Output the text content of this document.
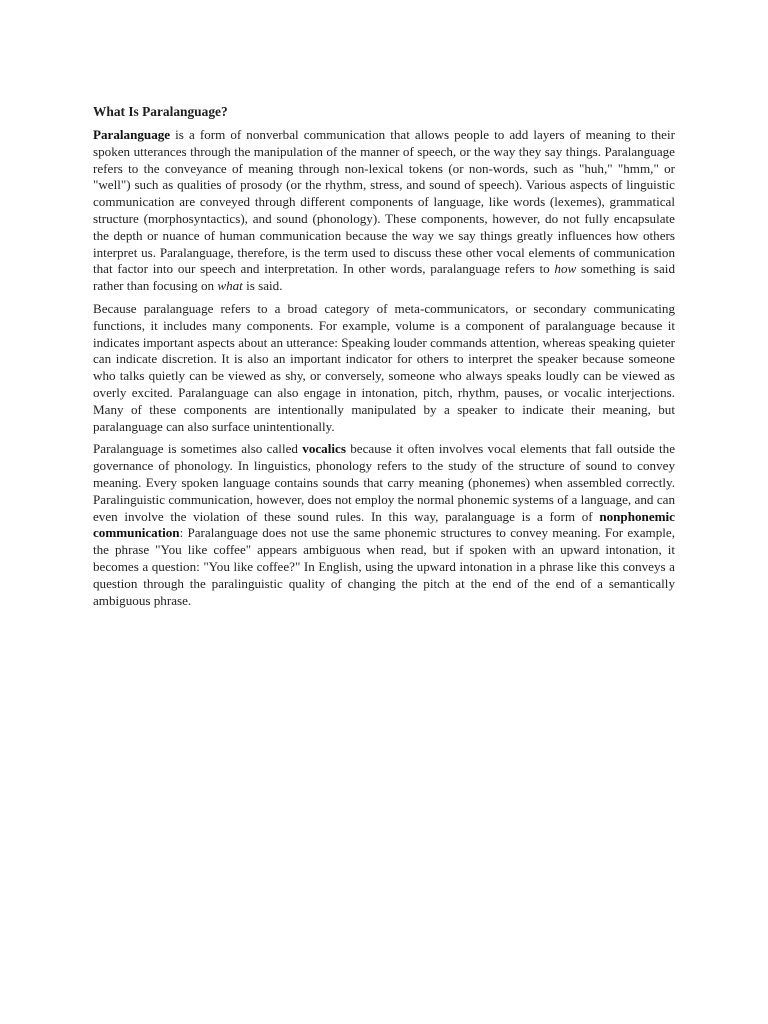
What Is Paralanguage?

Paralanguage is a form of nonverbal communication that allows people to add layers of meaning to their spoken utterances through the manipulation of the manner of speech, or the way they say things. Paralanguage refers to the conveyance of meaning through non-lexical tokens (or non-words, such as "huh," "hmm," or "well") such as qualities of prosody (or the rhythm, stress, and sound of speech). Various aspects of linguistic communication are conveyed through different components of language, like words (lexemes), grammatical structure (morphosyntactics), and sound (phonology). These components, however, do not fully encapsulate the depth or nuance of human communication because the way we say things greatly influences how others interpret us. Paralanguage, therefore, is the term used to discuss these other vocal elements of communication that factor into our speech and interpretation. In other words, paralanguage refers to how something is said rather than focusing on what is said.

Because paralanguage refers to a broad category of meta-communicators, or secondary communicating functions, it includes many components. For example, volume is a component of paralanguage because it indicates important aspects about an utterance: Speaking louder commands attention, whereas speaking quieter can indicate discretion. It is also an important indicator for others to interpret the speaker because someone who talks quietly can be viewed as shy, or conversely, someone who always speaks loudly can be viewed as overly excited. Paralanguage can also engage in intonation, pitch, rhythm, pauses, or vocalic interjections. Many of these components are intentionally manipulated by a speaker to indicate their meaning, but paralanguage can also surface unintentionally.

Paralanguage is sometimes also called vocalics because it often involves vocal elements that fall outside the governance of phonology. In linguistics, phonology refers to the study of the structure of sound to convey meaning. Every spoken language contains sounds that carry meaning (phonemes) when assembled correctly. Paralinguistic communication, however, does not employ the normal phonemic systems of a language, and can even involve the violation of these sound rules. In this way, paralanguage is a form of nonphonemic communication: Paralanguage does not use the same phonemic structures to convey meaning. For example, the phrase "You like coffee" appears ambiguous when read, but if spoken with an upward intonation, it becomes a question: "You like coffee?" In English, using the upward intonation in a phrase like this conveys a question through the paralinguistic quality of changing the pitch at the end of the end of a semantically ambiguous phrase.
